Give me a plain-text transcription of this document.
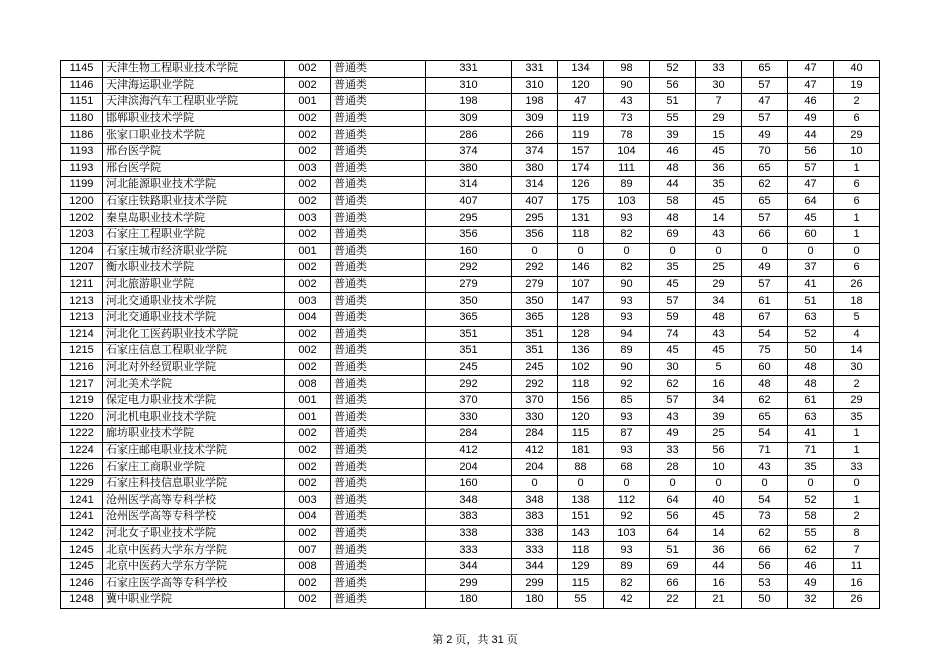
1145	天津生物工程职业技术学院	002	普通类	331	331	134	98	52	33	65	47	40
1146	天津海运职业学院	002	普通类	310	310	120	90	56	30	57	47	19
1151	天津滨海汽车工程职业学院	001	普通类	198	198	47	43	51	7	47	46	2
1180	邯郸职业技术学院	002	普通类	309	309	119	73	55	29	57	49	6
1186	张家口职业技术学院	002	普通类	286	266	119	78	39	15	49	44	29
1193	邢台医学院	002	普通类	374	374	157	104	46	45	70	56	10
1193	邢台医学院	003	普通类	380	380	174	111	48	36	65	57	1
1199	河北能源职业技术学院	002	普通类	314	314	126	89	44	35	62	47	6
1200	石家庄铁路职业技术学院	002	普通类	407	407	175	103	58	45	65	64	6
1202	秦皇岛职业技术学院	003	普通类	295	295	131	93	48	14	57	45	1
1203	石家庄工程职业学院	002	普通类	356	356	118	82	69	43	66	60	1
1204	石家庄城市经济职业学院	001	普通类	160	0	0	0	0	0	0	0	0
1207	衡水职业技术学院	002	普通类	292	292	146	82	35	25	49	37	6
1211	河北旅游职业学院	002	普通类	279	279	107	90	45	29	57	41	26
1213	河北交通职业技术学院	003	普通类	350	350	147	93	57	34	61	51	18
1213	河北交通职业技术学院	004	普通类	365	365	128	93	59	48	67	63	5
1214	河北化工医药职业技术学院	002	普通类	351	351	128	94	74	43	54	52	4
1215	石家庄信息工程职业学院	002	普通类	351	351	136	89	45	45	75	50	14
1216	河北对外经贸职业学院	002	普通类	245	245	102	90	30	5	60	48	30
1217	河北美术学院	008	普通类	292	292	118	92	62	16	48	48	2
1219	保定电力职业技术学院	001	普通类	370	370	156	85	57	34	62	61	29
1220	河北机电职业技术学院	001	普通类	330	330	120	93	43	39	65	63	35
1222	廊坊职业技术学院	002	普通类	284	284	115	87	49	25	54	41	1
1224	石家庄邮电职业技术学院	002	普通类	412	412	181	93	33	56	71	71	1
1226	石家庄工商职业学院	002	普通类	204	204	88	68	28	10	43	35	33
1229	石家庄科技信息职业学院	002	普通类	160	0	0	0	0	0	0	0	0
1241	沧州医学高等专科学校	003	普通类	348	348	138	112	64	40	54	52	1
1241	沧州医学高等专科学校	004	普通类	383	383	151	92	56	45	73	58	2
1242	河北女子职业技术学院	002	普通类	338	338	143	103	64	14	62	55	8
1245	北京中医药大学东方学院	007	普通类	333	333	118	93	51	36	66	62	7
1245	北京中医药大学东方学院	008	普通类	344	344	129	89	69	44	56	46	11
1246	石家庄医学高等专科学校	002	普通类	299	299	115	82	66	16	53	49	16
1248	冀中职业学院	002	普通类	180	180	55	42	22	21	50	32	26
第 2 页，共 31 页
